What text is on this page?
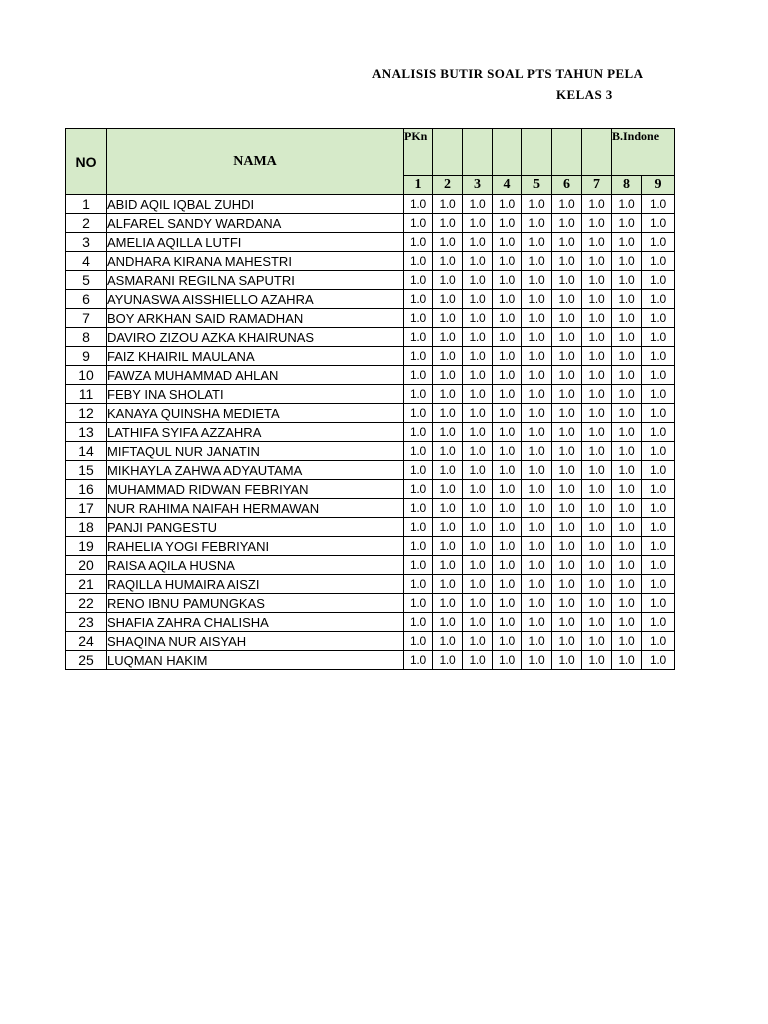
ANALISIS BUTIR SOAL PTS TAHUN PELA
KELAS 3
NO	NAMA	PKn							B.Indone	

		1	2	3	4	5	6	7	8	9
1	ABID AQIL IQBAL ZUHDI	1.0	1.0	1.0	1.0	1.0	1.0	1.0	1.0	1.0
2	ALFAREL SANDY WARDANA	1.0	1.0	1.0	1.0	1.0	1.0	1.0	1.0	1.0
3	AMELIA AQILLA LUTFI	1.0	1.0	1.0	1.0	1.0	1.0	1.0	1.0	1.0
4	ANDHARA KIRANA MAHESTRI	1.0	1.0	1.0	1.0	1.0	1.0	1.0	1.0	1.0
5	ASMARANI REGILNA SAPUTRI	1.0	1.0	1.0	1.0	1.0	1.0	1.0	1.0	1.0
6	AYUNASWA AISSHIELLO AZAHRA	1.0	1.0	1.0	1.0	1.0	1.0	1.0	1.0	1.0
7	BOY ARKHAN SAID RAMADHAN	1.0	1.0	1.0	1.0	1.0	1.0	1.0	1.0	1.0
8	DAVIRO ZIZOU AZKA KHAIRUNAS	1.0	1.0	1.0	1.0	1.0	1.0	1.0	1.0	1.0
9	FAIZ KHAIRIL MAULANA	1.0	1.0	1.0	1.0	1.0	1.0	1.0	1.0	1.0
10	FAWZA MUHAMMAD AHLAN	1.0	1.0	1.0	1.0	1.0	1.0	1.0	1.0	1.0
11	FEBY INA SHOLATI	1.0	1.0	1.0	1.0	1.0	1.0	1.0	1.0	1.0
12	KANAYA QUINSHA MEDIETA	1.0	1.0	1.0	1.0	1.0	1.0	1.0	1.0	1.0
13	LATHIFA SYIFA AZZAHRA	1.0	1.0	1.0	1.0	1.0	1.0	1.0	1.0	1.0
14	MIFTAQUL NUR JANATIN	1.0	1.0	1.0	1.0	1.0	1.0	1.0	1.0	1.0
15	MIKHAYLA ZAHWA ADYAUTAMA	1.0	1.0	1.0	1.0	1.0	1.0	1.0	1.0	1.0
16	MUHAMMAD RIDWAN FEBRIYAN	1.0	1.0	1.0	1.0	1.0	1.0	1.0	1.0	1.0
17	NUR RAHIMA NAIFAH HERMAWAN	1.0	1.0	1.0	1.0	1.0	1.0	1.0	1.0	1.0
18	PANJI PANGESTU	1.0	1.0	1.0	1.0	1.0	1.0	1.0	1.0	1.0
19	RAHELIA YOGI FEBRIYANI	1.0	1.0	1.0	1.0	1.0	1.0	1.0	1.0	1.0
20	RAISA AQILA HUSNA	1.0	1.0	1.0	1.0	1.0	1.0	1.0	1.0	1.0
21	RAQILLA HUMAIRA AISZI	1.0	1.0	1.0	1.0	1.0	1.0	1.0	1.0	1.0
22	RENO IBNU PAMUNGKAS	1.0	1.0	1.0	1.0	1.0	1.0	1.0	1.0	1.0
23	SHAFIA ZAHRA CHALISHA	1.0	1.0	1.0	1.0	1.0	1.0	1.0	1.0	1.0
24	SHAQINA NUR AISYAH	1.0	1.0	1.0	1.0	1.0	1.0	1.0	1.0	1.0
25	LUQMAN HAKIM	1.0	1.0	1.0	1.0	1.0	1.0	1.0	1.0	1.0
